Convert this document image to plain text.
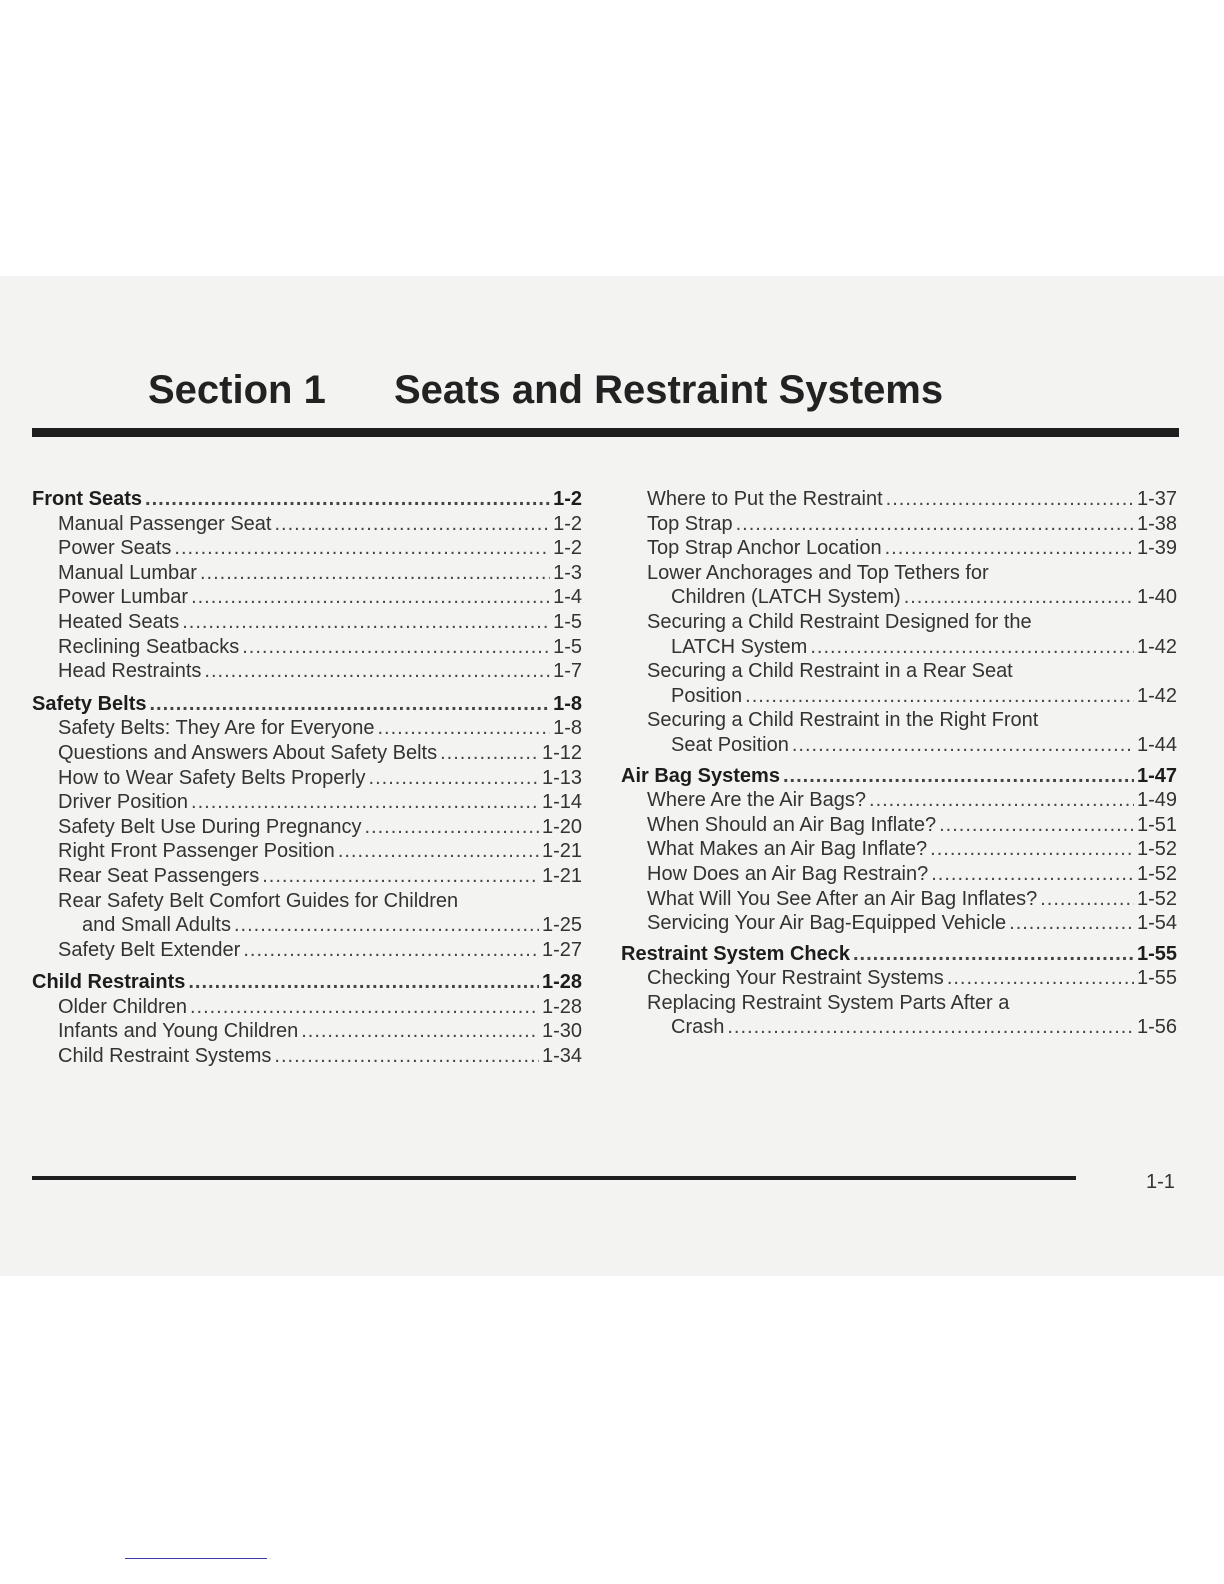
Section 1 Seats and Restraint Systems
Front Seats .....	1-2
Manual Passenger Seat .....	1-2
Power Seats .....	1-2
Manual Lumbar .....	1-3
Power Lumbar .....	1-4
Heated Seats .....	1-5
Reclining Seatbacks .....	1-5
Head Restraints .....	1-7
Safety Belts .....	1-8
Safety Belts: They Are for Everyone .....	1-8
Questions and Answers About Safety Belts .....	1-12
How to Wear Safety Belts Properly .....	1-13
Driver Position .....	1-14
Safety Belt Use During Pregnancy .....	1-20
Right Front Passenger Position .....	1-21
Rear Seat Passengers .....	1-21
Rear Safety Belt Comfort Guides for Children
and Small Adults .....	1-25
Safety Belt Extender .....	1-27
Child Restraints .....	1-28
Older Children .....	1-28
Infants and Young Children .....	1-30
Child Restraint Systems .....	1-34
Where to Put the Restraint .....	1-37
Top Strap .....	1-38
Top Strap Anchor Location .....	1-39
Lower Anchorages and Top Tethers for
Children (LATCH System) .....	1-40
Securing a Child Restraint Designed for the
LATCH System .....	1-42
Securing a Child Restraint in a Rear Seat
Position .....	1-42
Securing a Child Restraint in the Right Front
Seat Position .....	1-44
Air Bag Systems .....	1-47
Where Are the Air Bags? .....	1-49
When Should an Air Bag Inflate? .....	1-51
What Makes an Air Bag Inflate? .....	1-52
How Does an Air Bag Restrain? .....	1-52
What Will You See After an Air Bag Inflates? .....	1-52
Servicing Your Air Bag-Equipped Vehicle .....	1-54
Restraint System Check .....	1-55
Checking Your Restraint Systems .....	1-55
Replacing Restraint System Parts After a
Crash .....	1-56
1-1
